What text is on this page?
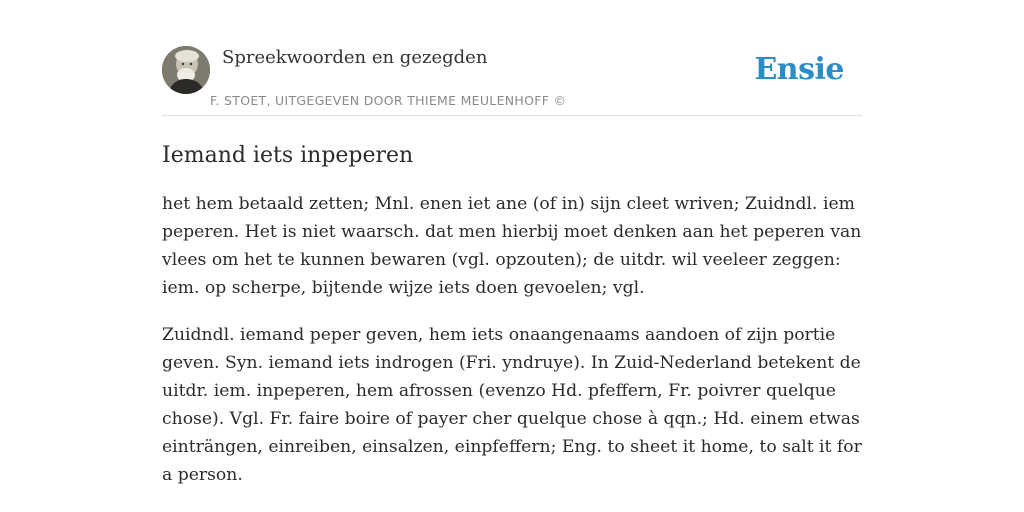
Spreekwoorden en gezegden
F. STOET, UITGEGEVEN DOOR THIEME MEULENHOFF ©
Ensie
Iemand iets inpeperen

het hem betaald zetten; Mnl. enen iet ane (of in) sijn cleet wriven; Zuidndl. iem peperen. Het is niet waarsch. dat men hierbij moet denken aan het peperen van vlees om het te kunnen bewaren (vgl. opzouten); de uitdr. wil veeleer zeggen: iem. op scherpe, bijtende wijze iets doen gevoelen; vgl.

Zuidndl. iemand peper geven, hem iets onaangenaams aandoen of zijn portie geven. Syn. iemand iets indrogen (Fri. yndruye). In Zuid-Nederland betekent de uitdr. iem. inpeperen, hem afrossen (evenzo Hd. pfeffern, Fr. poivrer quelque chose). Vgl. Fr. faire boire of payer cher quelque chose à qqn.; Hd. einem etwas einträngen, einreiben, einsalzen, einpfeffern; Eng. to sheet it home, to salt it for a person.
